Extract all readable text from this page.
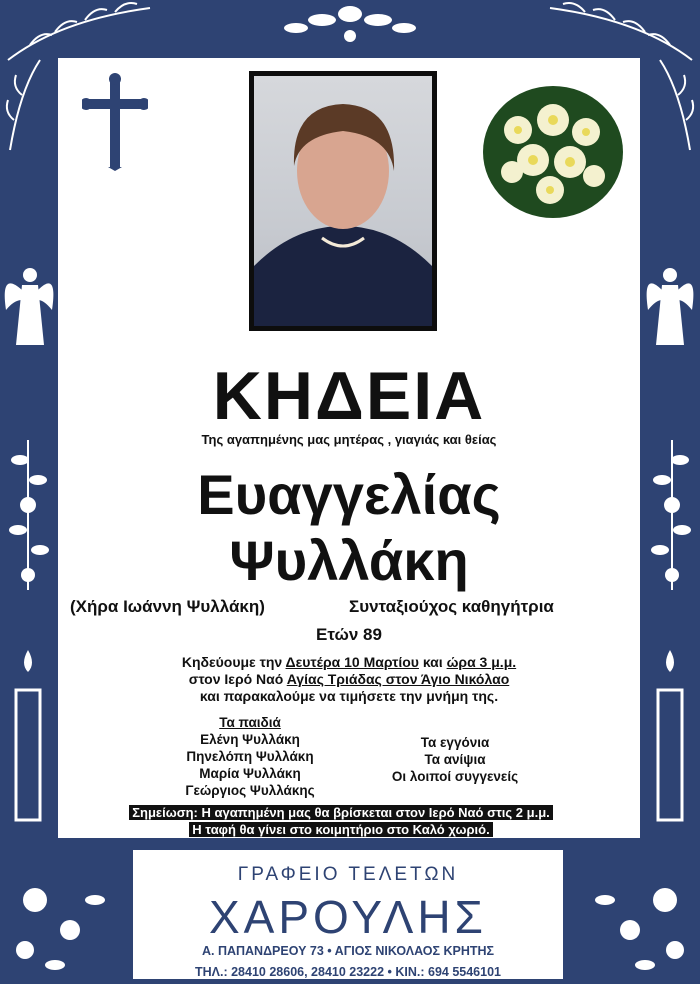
ΚΗΔΕΙΑ
Της αγαπημένης μας μητέρας , γιαγιάς και θείας
Ευαγγελίας
Ψυλλάκη
(Χήρα Ιωάννη Ψυλλάκη)	Συνταξιούχος καθηγήτρια
Ετών 89
Κηδεύουμε την Δευτέρα 10 Μαρτίου και ώρα 3 μ.μ.
στον Ιερό Ναό Αγίας Τριάδας στον Άγιο Νικόλαο
και παρακαλούμε να τιμήσετε την μνήμη της.
Τα παιδιά
Ελένη Ψυλλάκη
Πηνελόπη Ψυλλάκη
Μαρία Ψυλλάκη
Γεώργιος Ψυλλάκης
Τα εγγόνια
Τα ανίψια
Οι λοιποί συγγενείς
Σημείωση: Η αγαπημένη μας θα βρίσκεται στον Ιερό Ναό στις 2 μ.μ.
Η ταφή θα γίνει στο κοιμητήριο στο Καλό χωριό.
ΓΡΑΦΕΙΟ ΤΕΛΕΤΩΝ
ΧΑΡΟΥΛΗΣ
Α. ΠΑΠΑΝΔΡΕΟΥ 73 • ΑΓΙΟΣ ΝΙΚΟΛΑΟΣ ΚΡΗΤΗΣ
ΤΗΛ.: 28410 28606, 28410 23222 • ΚΙΝ.: 694 5546101
